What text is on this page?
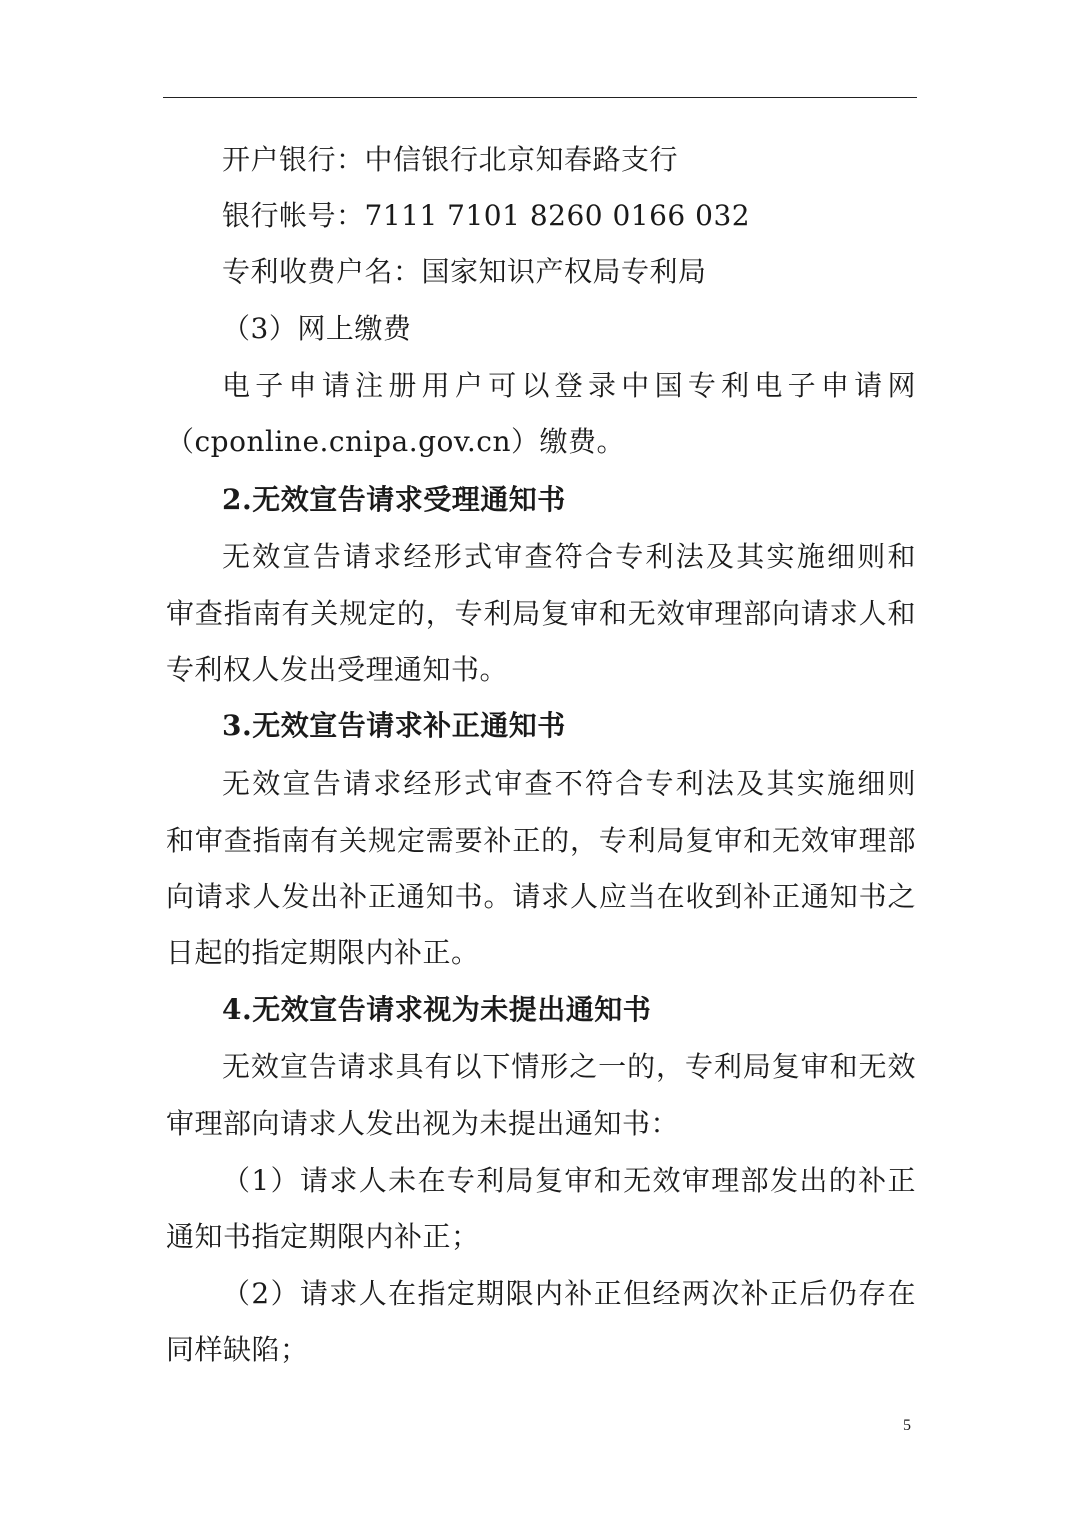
开户银行：中信银行北京知春路支行
银行帐号：7111 7101 8260 0166 032
专利收费户名：国家知识产权局专利局
（3）网上缴费
电子申请注册用户可以登录中国专利电子申请网
（cponline.cnipa.gov.cn）缴费。
2.无效宣告请求受理通知书
无效宣告请求经形式审查符合专利法及其实施细则和
审查指南有关规定的，专利局复审和无效审理部向请求人和
专利权人发出受理通知书。
3.无效宣告请求补正通知书
无效宣告请求经形式审查不符合专利法及其实施细则
和审查指南有关规定需要补正的，专利局复审和无效审理部
向请求人发出补正通知书。请求人应当在收到补正通知书之
日起的指定期限内补正。
4.无效宣告请求视为未提出通知书
无效宣告请求具有以下情形之一的，专利局复审和无效
审理部向请求人发出视为未提出通知书：
（1）请求人未在专利局复审和无效审理部发出的补正
通知书指定期限内补正；
（2）请求人在指定期限内补正但经两次补正后仍存在
同样缺陷；
5
